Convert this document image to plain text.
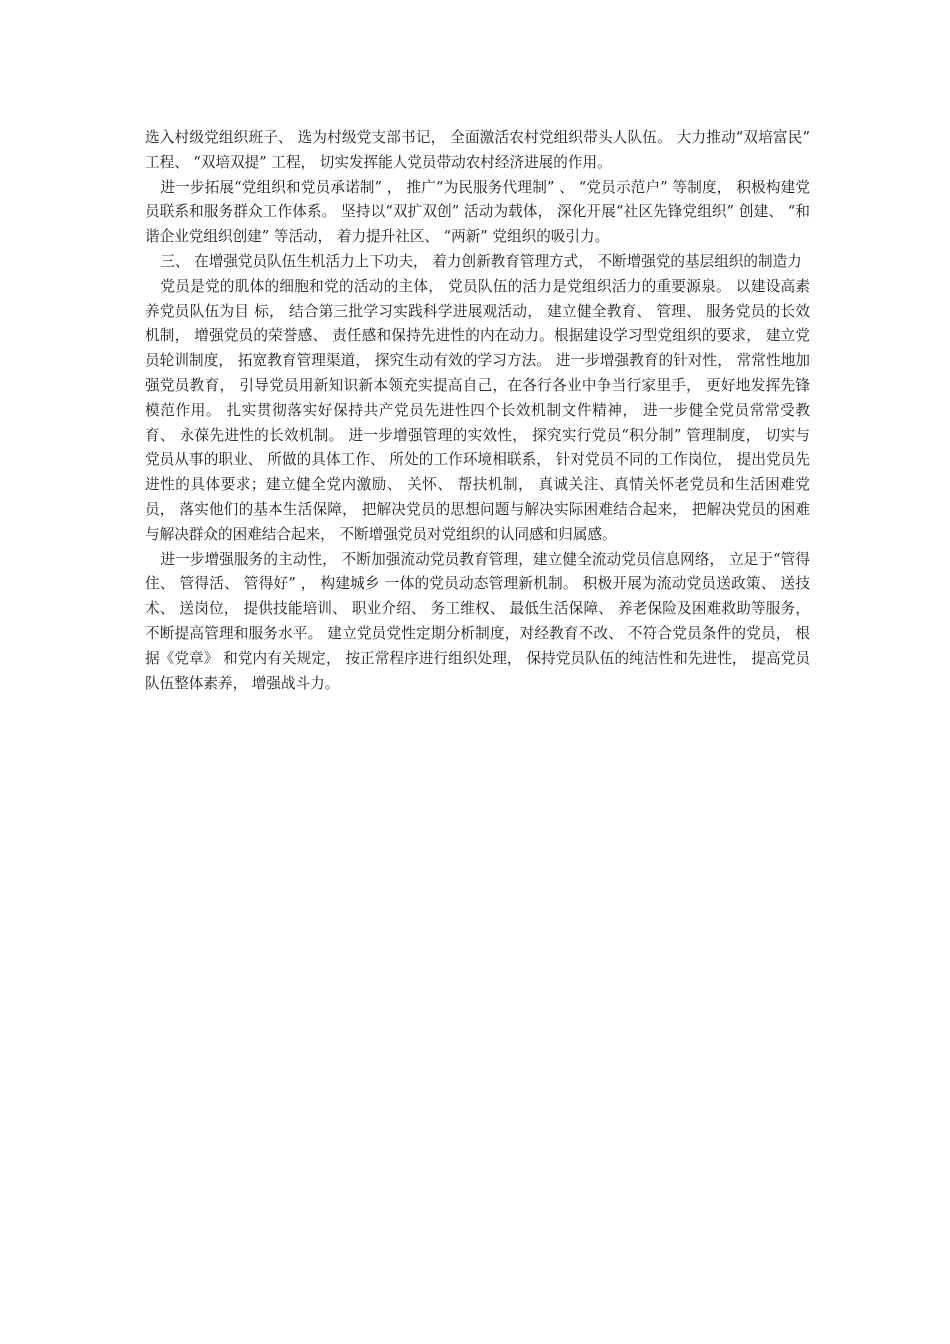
选入村级党组织班子、 选为村级党支部书记， 全面激活农村党组织带头人队伍。 大力推动“双培富民” 工程、 “双培双提” 工程， 切实发挥能人党员带动农村经济进展的作用。

进一步拓展“党组织和党员承诺制” ， 推广“为民服务代理制” 、 “党员示范户” 等制度， 积极构建党员联系和服务群众工作体系。 坚持以“双扩双创” 活动为载体， 深化开展“社区先锋党组织” 创建、 “和谐企业党组织创建” 等活动， 着力提升社区、 “两新” 党组织的吸引力。

三、 在增强党员队伍生机活力上下功夫， 着力创新教育管理方式， 不断增强党的基层组织的制造力

党员是党的肌体的细胞和党的活动的主体， 党员队伍的活力是党组织活力的重要源泉。 以建设高素养党员队伍为目 标， 结合第三批学习实践科学进展观活动， 建立健全教育、 管理、 服务党员的长效机制， 增强党员的荣誉感、 责任感和保持先进性的内在动力。根据建设学习型党组织的要求， 建立党员轮训制度， 拓宽教育管理渠道， 探究生动有效的学习方法。 进一步增强教育的针对性， 常常性地加强党员教育， 引导党员用新知识新本领充实提高自己，在各行各业中争当行家里手， 更好地发挥先锋模范作用。 扎实贯彻落实好保持共产党员先进性四个长效机制文件精神， 进一步健全党员常常受教育、 永葆先进性的长效机制。 进一步增强管理的实效性， 探究实行党员“积分制” 管理制度， 切实与党员从事的职业、 所做的具体工作、 所处的工作环境相联系， 针对党员不同的工作岗位， 提出党员先进性的具体要求；建立健全党内激励、 关怀、 帮扶机制， 真诚关注、真情关怀老党员和生活困难党员， 落实他们的基本生活保障， 把解决党员的思想问题与解决实际困难结合起来， 把解决党员的困难与解决群众的困难结合起来， 不断增强党员对党组织的认同感和归属感。

进一步增强服务的主动性， 不断加强流动党员教育管理，建立健全流动党员信息网络， 立足于“管得住、 管得活、 管得好” ， 构建城乡 一体的党员动态管理新机制。 积极开展为流动党员送政策、 送技术、 送岗位， 提供技能培训、 职业介绍、 务工维权、 最低生活保障、 养老保险及困难救助等服务， 不断提高管理和服务水平。 建立党员党性定期分析制度，对经教育不改、 不符合党员条件的党员， 根据《党章》 和党内有关规定， 按正常程序进行组织处理， 保持党员队伍的纯洁性和先进性， 提高党员队伍整体素养， 增强战斗力。
